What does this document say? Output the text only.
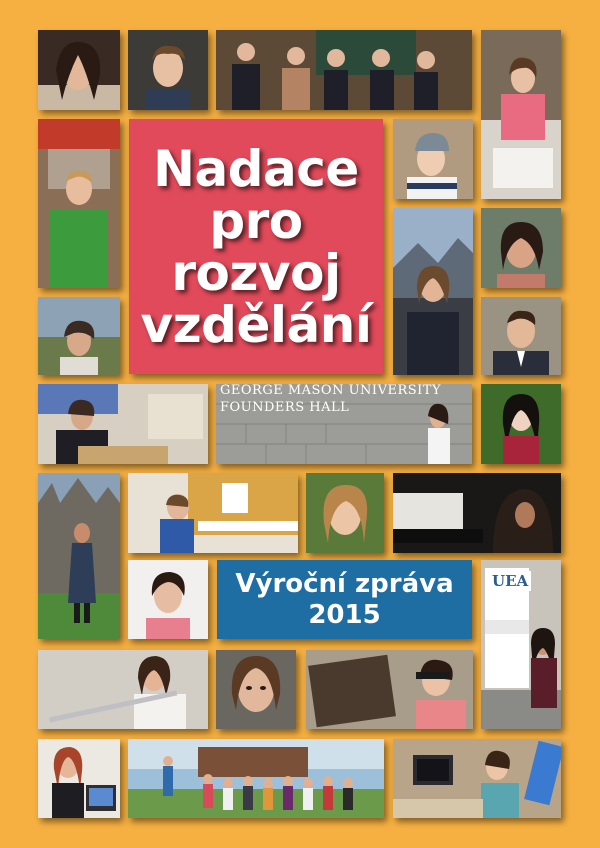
Nadace
pro
rozvoj
vzdělání
GEORGE MASON UNIVERSITY
FOUNDERS HALL
Výroční zpráva
2015
UEA
